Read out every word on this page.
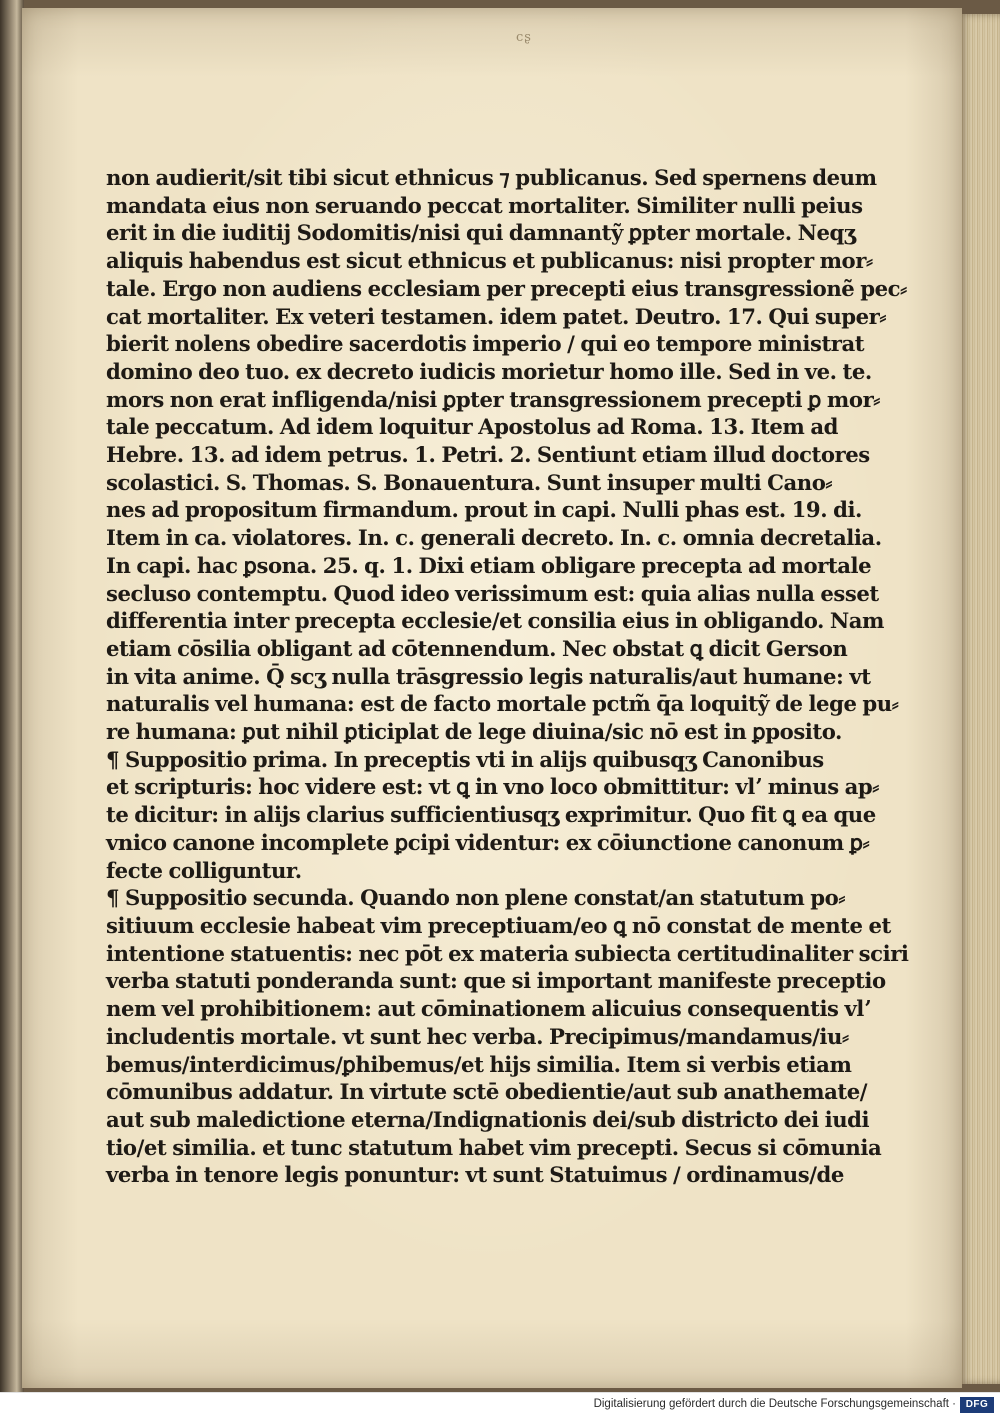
cʂ
non audierit/sit tibi sicut ethnicus ⁊ publicanus. Sed spernens deum
mandata eius non seruando peccat mortaliter. Similiter nulli peius
erit in die iuditij Sodomitis/nisi qui damnantỹ ꝑpter mortale. Neqʒ
aliquis habendus est sicut ethnicus et publicanus: nisi propter mor⸗
tale. Ergo non audiens ecclesiam per precepti eius transgressionẽ pec⸗
cat mortaliter. Ex veteri testamen. idem patet. Deutro. 17. Qui super⸗
bierit nolens obedire sacerdotis imperio / qui eo tempore ministrat
domino deo tuo. ex decreto iudicis morietur homo ille. Sed in ve. te.
mors non erat infligenda/nisi ꝑpter transgressionem precepti ꝑ mor⸗
tale peccatum. Ad idem loquitur Apostolus ad Roma. 13. Item ad
Hebre. 13. ad idem petrus. 1. Petri. 2. Sentiunt etiam illud doctores
scolastici. S. Thomas. S. Bonauentura. Sunt insuper multi Cano⸗
nes ad propositum firmandum. prout in capi. Nulli phas est. 19. di.
Item in ca. violatores. In. c. generali decreto. In. c. omnia decretalia.
In capi. hac ꝑsona. 25. q. 1. Dixi etiam obligare precepta ad mortale
secluso contemptu. Quod ideo verissimum est: quia alias nulla esset
differentia inter precepta ecclesie/et consilia eius in obligando. Nam
etiam cōsilia obligant ad cōtennendum. Nec obstat ꝗ dicit Gerson
in vita anime. Q̄ scʒ nulla trāsgressio legis naturalis/aut humane: vt
naturalis vel humana: est de facto mortale pctm̃ q̄a loquitỹ de lege pu⸗
re humana: ꝑut nihil ꝑticiplat de lege diuina/sic nō est in ꝑposito.
¶ Suppositio prima. In preceptis vti in alijs quibusqʒ Canonibus
et scripturis: hoc videre est: vt ꝗ in vno loco obmittitur: vlʼ minus ap⸗
te dicitur: in alijs clarius sufficientiusqʒ exprimitur. Quo fit ꝗ ea que
vnico canone incomplete ꝑcipi videntur: ex cōiunctione canonum ꝑ⸗
fecte colliguntur.
¶ Suppositio secunda. Quando non plene constat/an statutum po⸗
sitiuum ecclesie habeat vim preceptiuam/eo ꝗ nō constat de mente et
intentione statuentis: nec pōt ex materia subiecta certitudinaliter sciri
verba statuti ponderanda sunt: que si important manifeste preceptio
nem vel prohibitionem: aut cōminationem alicuius consequentis vlʼ
includentis mortale. vt sunt hec verba. Precipimus/mandamus/iu⸗
bemus/interdicimus/ꝑhibemus/et hijs similia. Item si verbis etiam
cōmunibus addatur. In virtute sctē obedientie/aut sub anathemate/
aut sub maledictione eterna/Indignationis dei/sub districto dei iudi
tio/et similia. et tunc statutum habet vim precepti. Secus si cōmunia
verba in tenore legis ponuntur: vt sunt Statuimus / ordinamus/de
Digitalisierung gefördert durch die Deutsche Forschungsgemeinschaft · DFG
